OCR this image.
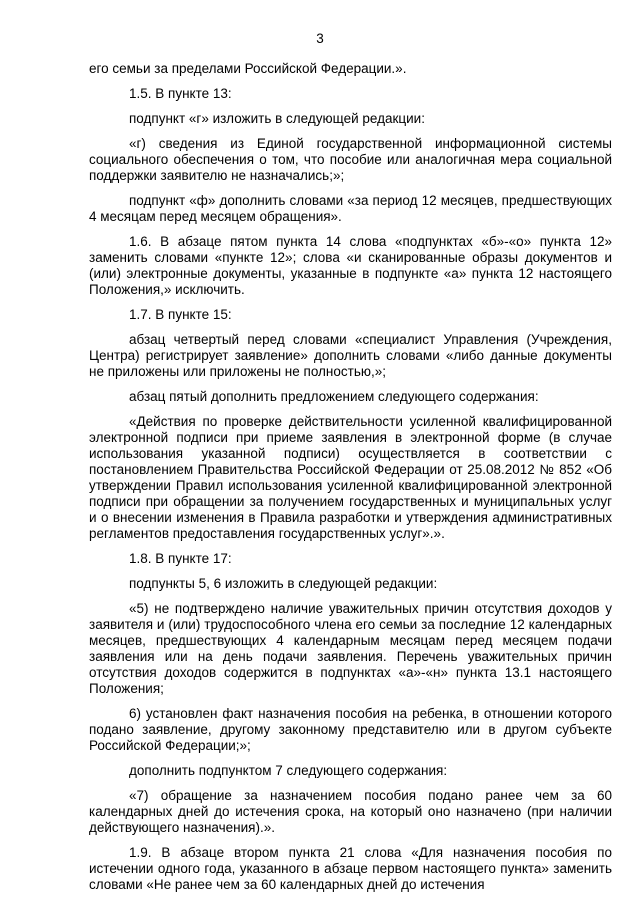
3

его семьи за пределами Российской Федерации.».

1.5. В пункте 13:

подпункт «г» изложить в следующей редакции:

«г) сведения из Единой государственной информационной системы социального обеспечения о том, что пособие или аналогичная мера социальной поддержки заявителю не назначались;»;

подпункт «ф» дополнить словами «за период 12 месяцев, предшествующих 4 месяцам перед месяцем обращения».

1.6. В абзаце пятом пункта 14 слова «подпунктах «б»-«о» пункта 12» заменить словами «пункте 12»; слова «и сканированные образы документов и (или) электронные документы, указанные в подпункте «а» пункта 12 настоящего Положения,» исключить.

1.7. В пункте 15:

абзац четвертый перед словами «специалист Управления (Учреждения, Центра) регистрирует заявление» дополнить словами «либо данные документы не приложены или приложены не полностью,»;

абзац пятый дополнить предложением следующего содержания:

«Действия по проверке действительности усиленной квалифицированной электронной подписи при приеме заявления в электронной форме (в случае использования указанной подписи) осуществляется в соответствии с постановлением Правительства Российской Федерации от 25.08.2012 № 852 «Об утверждении Правил использования усиленной квалифицированной электронной подписи при обращении за получением государственных и муниципальных услуг и о внесении изменения в Правила разработки и утверждения административных регламентов предоставления государственных услуг».».

1.8. В пункте 17:

подпункты 5, 6 изложить в следующей редакции:

«5) не подтверждено наличие уважительных причин отсутствия доходов у заявителя и (или) трудоспособного члена его семьи за последние 12 календарных месяцев, предшествующих 4 календарным месяцам перед месяцем подачи заявления или на день подачи заявления. Перечень уважительных причин отсутствия доходов содержится в подпунктах «а»-«н» пункта 13.1 настоящего Положения;

6) установлен факт назначения пособия на ребенка, в отношении которого подано заявление, другому законному представителю или в другом субъекте Российской Федерации;»;

дополнить подпунктом 7 следующего содержания:

«7) обращение за назначением пособия подано ранее чем за 60 календарных дней до истечения срока, на который оно назначено (при наличии действующего назначения).».

1.9. В абзаце втором пункта 21 слова «Для назначения пособия по истечении одного года, указанного в абзаце первом настоящего пункта» заменить словами «Не ранее чем за 60 календарных дней до истечения
